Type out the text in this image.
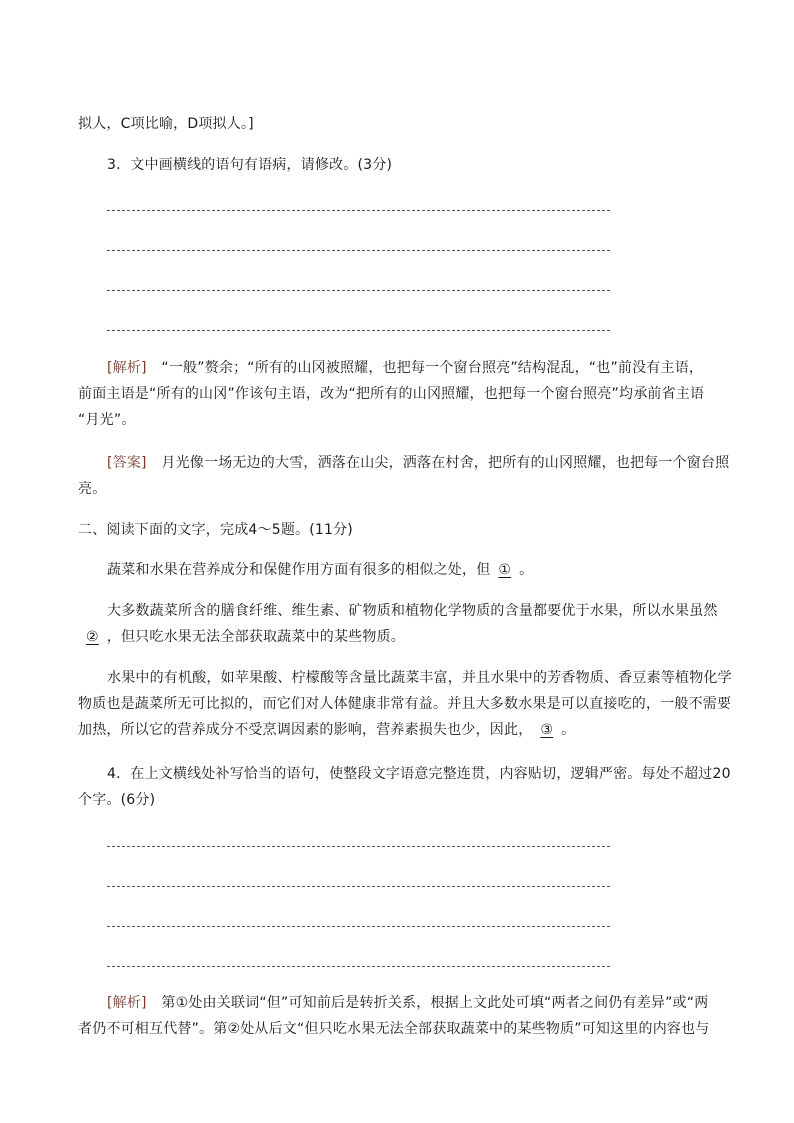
拟人，C项比喻，D项拟人。]
3．文中画横线的语句有语病，请修改。(3分)
[解析] “一般”赘余；“所有的山冈被照耀，也把每一个窗台照亮”结构混乱，“也”前没有主语，
前面主语是“所有的山冈”作该句主语，改为“把所有的山冈照耀，也把每一个窗台照亮”均承前省主语
“月光”。
[答案] 月光像一场无边的大雪，洒落在山尖，洒落在村舍，把所有的山冈照耀，也把每一个窗台照
亮。
二、阅读下面的文字，完成4～5题。(11分)
蔬菜和水果在营养成分和保健作用方面有很多的相似之处，但 ① 。
大多数蔬菜所含的膳食纤维、维生素、矿物质和植物化学物质的含量都要优于水果，所以水果虽然
② ，但只吃水果无法全部获取蔬菜中的某些物质。
水果中的有机酸，如苹果酸、柠檬酸等含量比蔬菜丰富，并且水果中的芳香物质、香豆素等植物化学
物质也是蔬菜所无可比拟的，而它们对人体健康非常有益。并且大多数水果是可以直接吃的，一般不需要
加热，所以它的营养成分不受烹调因素的影响，营养素损失也少，因此， ③ 。
4．在上文横线处补写恰当的语句，使整段文字语意完整连贯，内容贴切，逻辑严密。每处不超过20
个字。(6分)
[解析] 第①处由关联词“但”可知前后是转折关系，根据上文此处可填“两者之间仍有差异”或“两
者仍不可相互代替”。第②处从后文“但只吃水果无法全部获取蔬菜中的某些物质”可知这里的内容也与
